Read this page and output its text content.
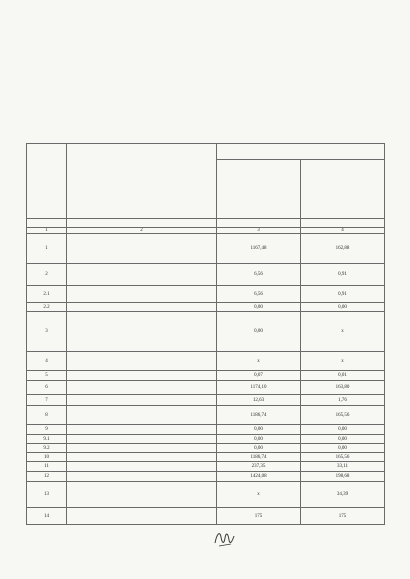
1	2	3	4
1		1167,48	162,88
2		6,56	0,91
2.1		6,56	0,91
2.2		0,00	0,00
3		0,00	x
4		x	x
5		0,07	0,01
6		1174,10	163,80
7		12,63	1,76
8		1186,74	165,56
9		0,00	0,00
9.1		0,00	0,00
9.2		0,00	0,00
10		1186,74	165,56
11		237,35	33,11
12		1424,08	198,68
13		x	34,39
14		175	175
